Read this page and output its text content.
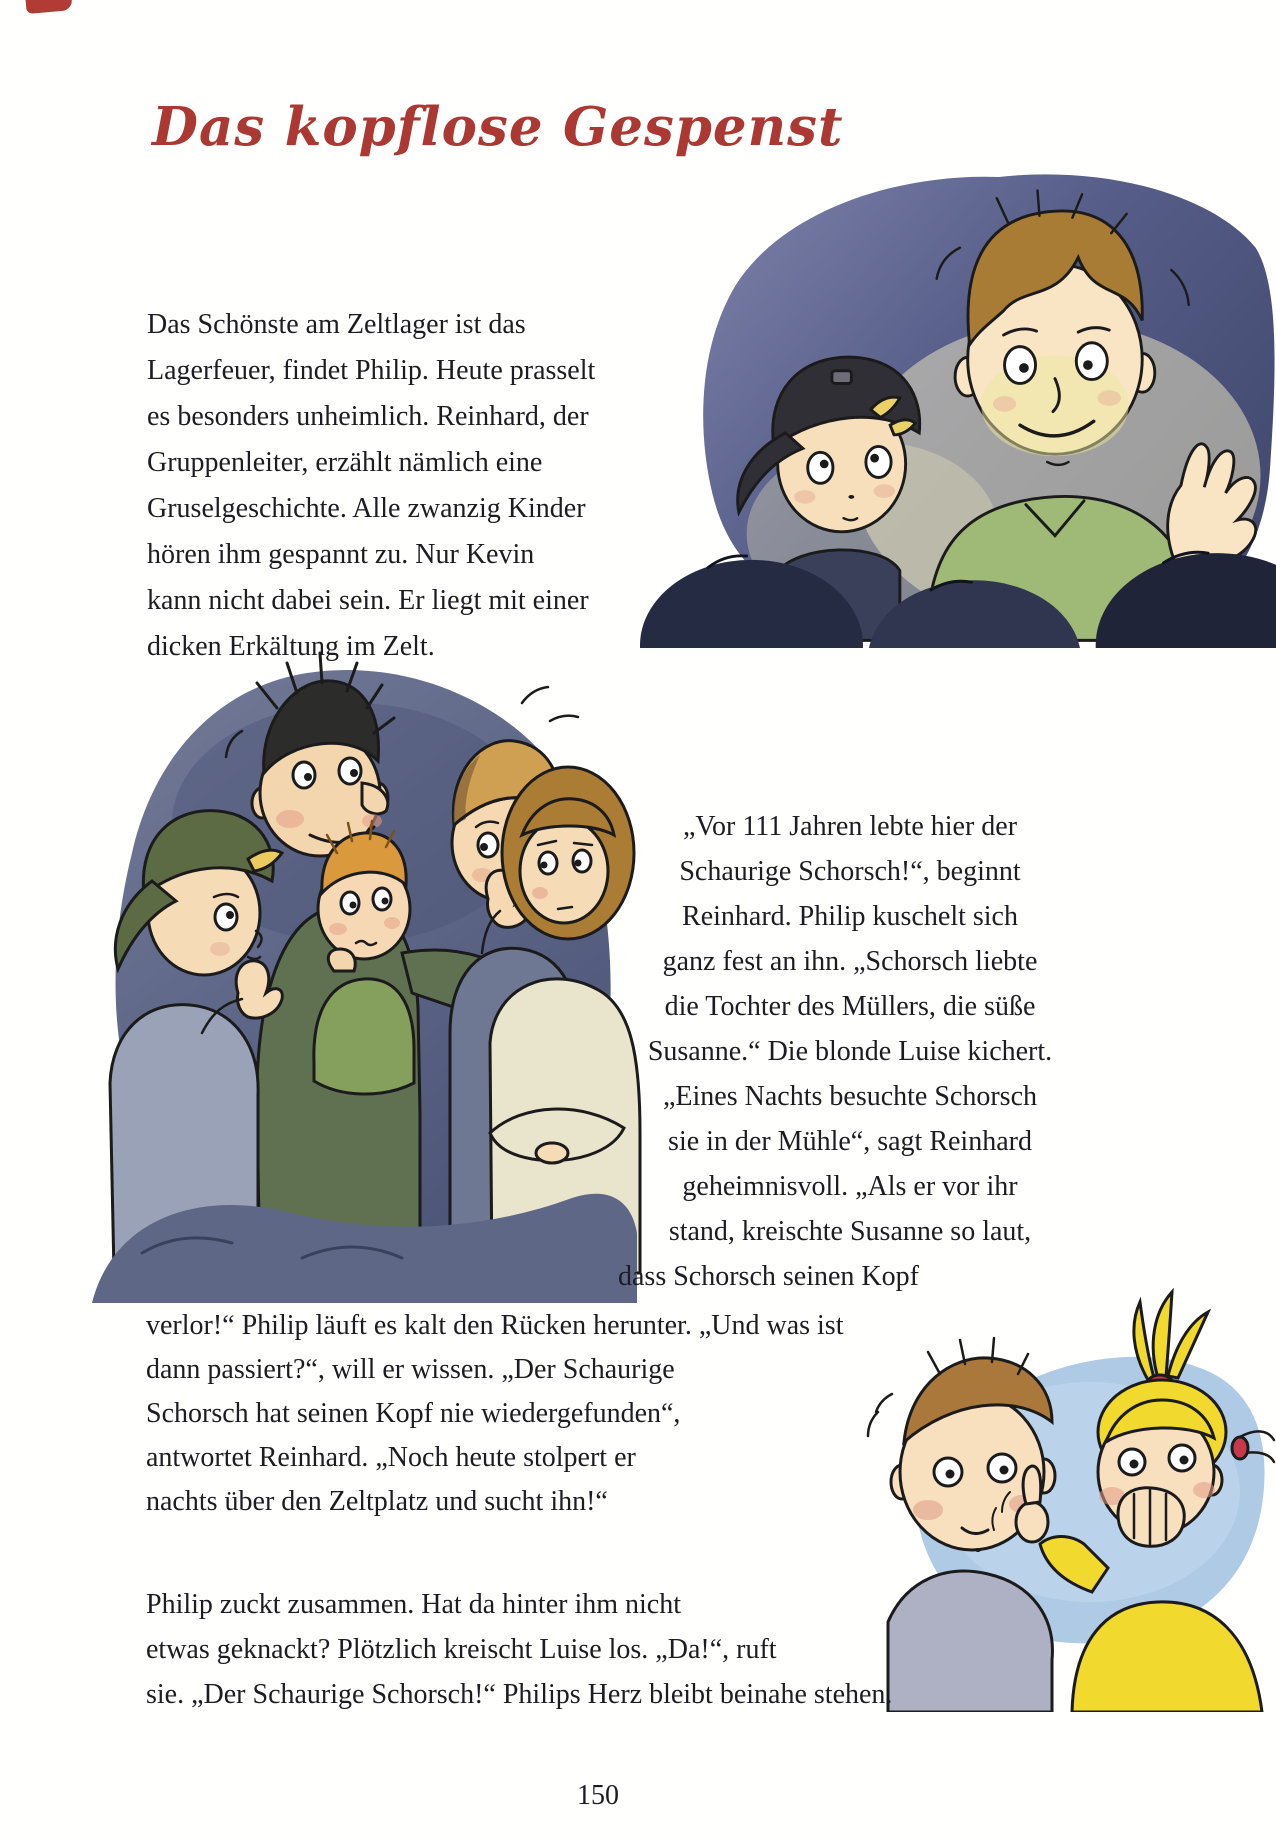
Das kopflose Gespenst
Das Schönste am Zeltlager ist das
Lagerfeuer, findet Philip. Heute prasselt
es besonders unheimlich. Reinhard, der
Gruppenleiter, erzählt nämlich eine
Gruselgeschichte. Alle zwanzig Kinder
hören ihm gespannt zu. Nur Kevin
kann nicht dabei sein. Er liegt mit einer
dicken Erkältung im Zelt.
„Vor 111 Jahren lebte hier der
Schaurige Schorsch!“, beginnt
Reinhard. Philip kuschelt sich
ganz fest an ihn. „Schorsch liebte
die Tochter des Müllers, die süße
Susanne.“ Die blonde Luise kichert.
„Eines Nachts besuchte Schorsch
sie in der Mühle“, sagt Reinhard
geheimnisvoll. „Als er vor ihr
stand, kreischte Susanne so laut,
dass Schorsch seinen Kopf
verlor!“ Philip läuft es kalt den Rücken herunter. „Und was ist
dann passiert?“, will er wissen. „Der Schaurige
Schorsch hat seinen Kopf nie wiedergefunden“,
antwortet Reinhard. „Noch heute stolpert er
nachts über den Zeltplatz und sucht ihn!“
Philip zuckt zusammen. Hat da hinter ihm nicht
etwas geknackt? Plötzlich kreischt Luise los. „Da!“, ruft
sie. „Der Schaurige Schorsch!“ Philips Herz bleibt beinahe stehen.
150
